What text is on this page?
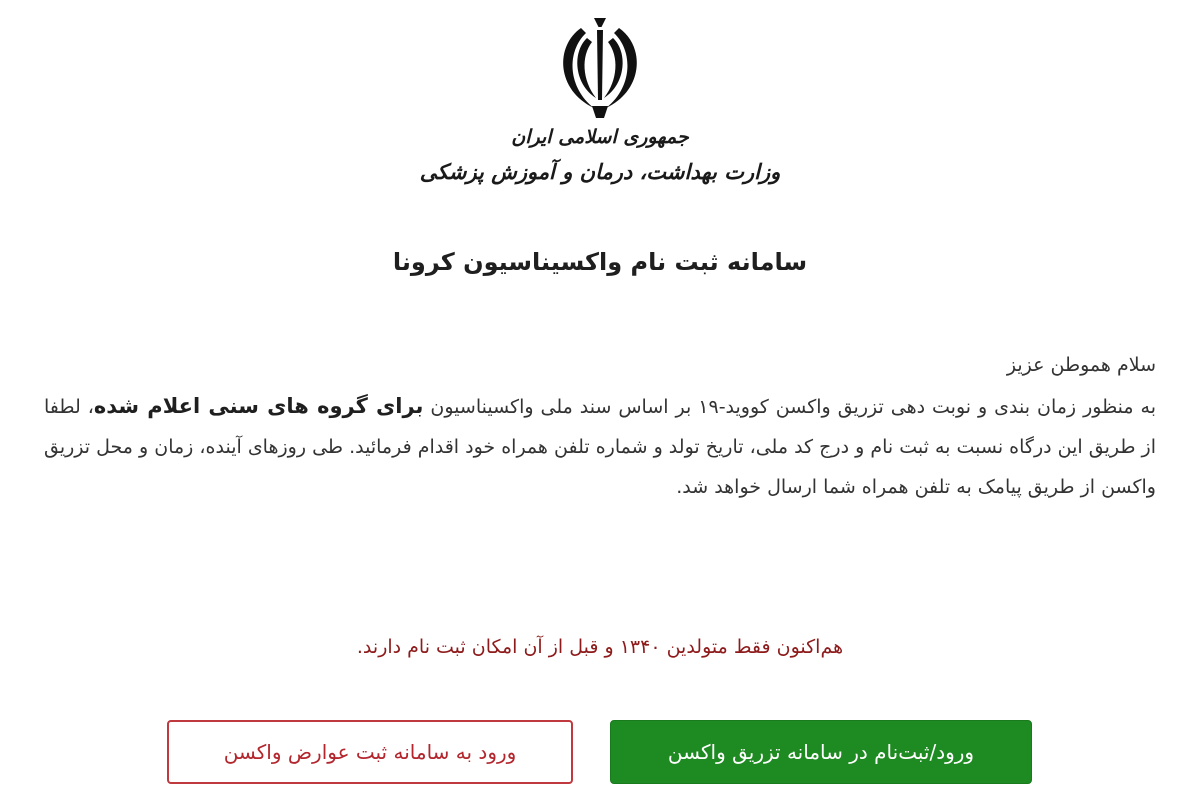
جمهوری اسلامی ایران
وزارت بهداشت، درمان و آموزش پزشکی
سامانه ثبت نام واکسیناسیون کرونا

سلام هموطن عزیز

به منظور زمان بندی و نوبت دهی تزریق واکسن کووید-۱۹ بر اساس سند ملی واکسیناسیون برای گروه های سنی اعلام شده، لطفا از طریق این درگاه نسبت به ثبت نام و درج کد ملی، تاریخ تولد و شماره تلفن همراه خود اقدام فرمائید. طی روزهای آینده، زمان و محل تزریق واکسن از طریق پیامک به تلفن همراه شما ارسال خواهد شد.

هم‌اکنون فقط متولدین ۱۳۴۰ و قبل از آن امکان ثبت نام دارند.

ورود/ثبت‌نام در سامانه تزریق واکسن
ورود به سامانه ثبت عوارض واکسن
